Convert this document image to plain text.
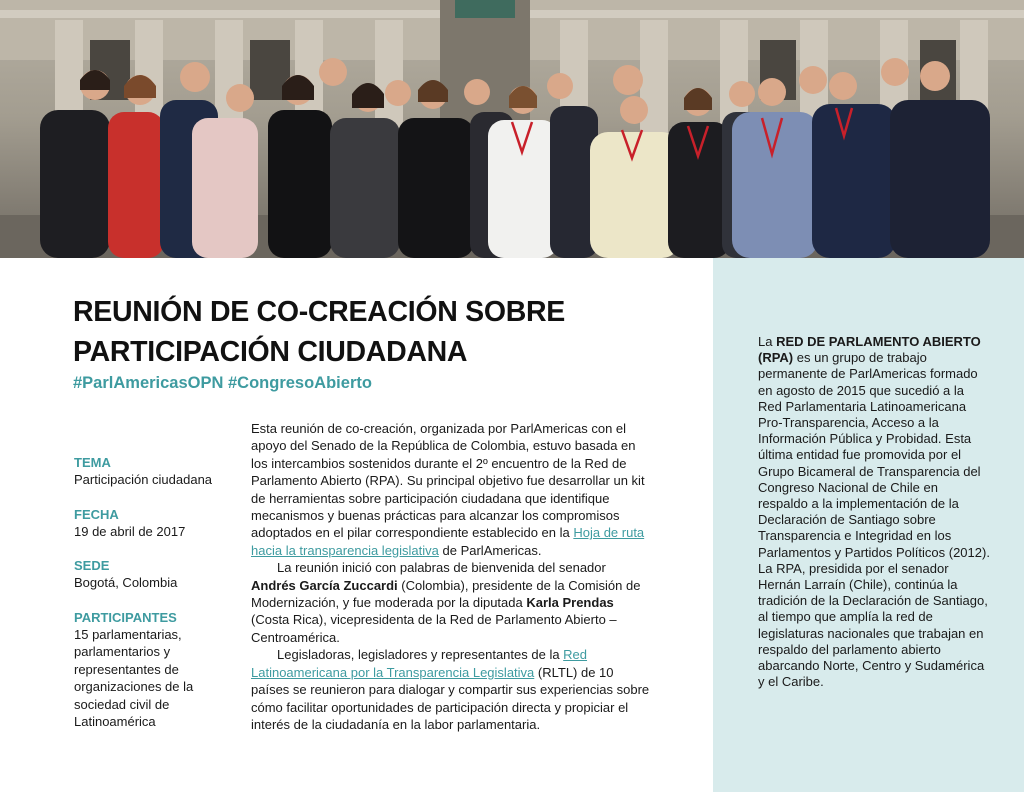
La RED DE PARLAMENTO ABIERTO (RPA) es un grupo de trabajo permanente de ParlAmericas formado en agosto de 2015 que sucedió a la Red Parlamentaria Latinoamericana Pro-Transparencia, Acceso a la Información Pública y Probidad. Esta última entidad fue promovida por el Grupo Bicameral de Transparencia del Congreso Nacional de Chile en respaldo a la implementación de la Declaración de Santiago sobre Transparencia e Integridad en los Parlamentos y Partidos Políticos (2012). La RPA, presidida por el senador Hernán Larraín (Chile), continúa la tradición de la Declaración de Santiago, al tiempo que amplía la red de legislaturas nacionales que trabajan en respaldo del parlamento abierto abarcando Norte, Centro y Sudamérica y el Caribe.
REUNIÓN DE CO-CREACIÓN SOBRE PARTICIPACIÓN CIUDADANA
#ParlAmericasOPN #CongresoAbierto
TEMA
Participación ciudadana
FECHA
19 de abril de 2017
SEDE
Bogotá, Colombia
PARTICIPANTES
15 parlamentarias, parlamentarios y representantes de organizaciones de la sociedad civil de Latinoamérica

Esta reunión de co-creación, organizada por ParlAmericas con el apoyo del Senado de la República de Colombia, estuvo basada en los intercambios sostenidos durante el 2º encuentro de la Red de Parlamento Abierto (RPA). Su principal objetivo fue desarrollar un kit de herramientas sobre participación ciudadana que identifique mecanismos y buenas prácticas para alcanzar los compromisos adoptados en el pilar correspondiente establecido en la Hoja de ruta hacia la transparencia legislativa de ParlAmericas.

La reunión inició con palabras de bienvenida del senador Andrés García Zuccardi (Colombia), presidente de la Comisión de Modernización, y fue moderada por la diputada Karla Prendas (Costa Rica), vicepresidenta de la Red de Parlamento Abierto – Centroamérica.

Legisladoras, legisladores y representantes de la Red Latinoamericana por la Transparencia Legislativa (RLTL) de 10 países se reunieron para dialogar y compartir sus experiencias sobre cómo facilitar oportunidades de participación directa y propiciar el interés de la ciudadanía en la labor parlamentaria.
